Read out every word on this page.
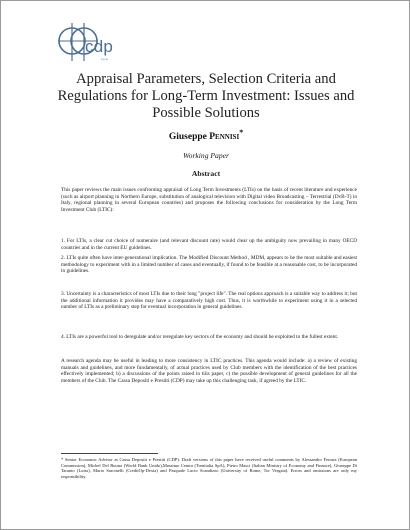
cdp
s.p.a.
Appraisal Parameters, Selection Criteria and Regulations for Long-Term Investment: Issues and Possible Solutions
Giuseppe Pennisi*
Working Paper
Abstract

This paper reviews the main issues confronting appraisal of Long Term Investments (LTIs) on the basis of recent literature and experience (such as airport planning in Northern Europe, substitution of analogical television with Digital video Broadcasting – Terrestrial (DvB-T) in Italy, regional planning in several European countries) and proposes the following conclusions for consideration by the Long Term Investment Club (LTIC):

1. For LTIs, a clear cut choice of numeraire (and relevant discount rate) would clear up the ambiguity now prevailing in many OECD countries and in the current EU guidelines.

2. LTIs quite often have inter-generational implication. The Modified Discount Method , MDM, appears to be the most suitable and easiest methodology to experiment with in a limited number of cases and eventually, if found to be feasible at a reasonable cost, to be incorporated in guidelines.

3. Uncertainty is a characteristics of most LTIs due to their long "project life". The real options approach is a suitable way to address it; but the additional information it provides may have a comparatively high cost. Thus, it is worthwhile to experiment using it in a selected number of LTIs as a preliminary step for eventual incorporation in general guidelines.

4. LTIs are a powerful tool to deregulate and/or reregulate key sectors of the economy and should be exploited to the fullest extent.

A research agenda may be useful in leading to more consistency in LTIC practices. This agenda would include: a) a review of existing manuals and guidelines, and more fundamentally, of actual practices used by Club members with the identification of the best practices effectively implemented; b) a discussions of the points raised in tiiis paper, c) the possible development of general guidelines for all the members of the Club. The Cassa Depositi e Prestiti (CDP) may take up this challenging task, if agreed by the LTIC.

* Senior Economic Advisor at Cassa Depositi e Prestiti (CDP). Draft versions of this paper have received useful comments by Alessandro Ferrara (European Commission), Michel Del Buono (World Bank Unido),Massimo Centra (Trenitalia SpA), Pietro Masci (Italian Ministry of Economy and Finance), Giuseppe Di Taranto (Luiss), Mario Sarcinelli (CreditOp-Dexia) and Pasquale Lucio Scandizzo (University of Rome, Tor Vergata). Errors and omissions are only my responsibility.
